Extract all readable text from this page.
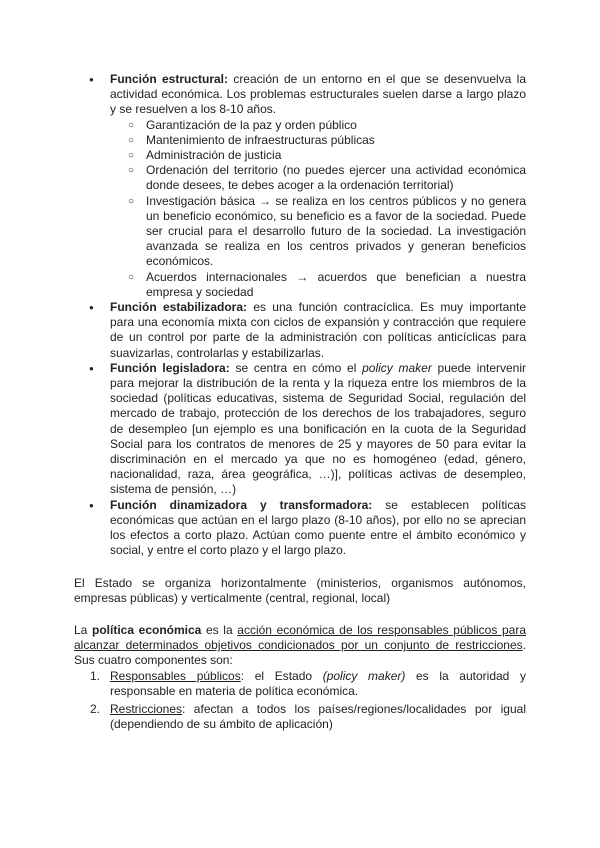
● Función estructural: creación de un entorno en el que se desenvuelva la actividad económica. Los problemas estructurales suelen darse a largo plazo y se resuelven a los 8-10 años.
○ Garantización de la paz y orden público
○ Mantenimiento de infraestructuras públicas
○ Administración de justicia
○ Ordenación del territorio (no puedes ejercer una actividad económica donde desees, te debes acoger a la ordenación territorial)
○ Investigación básica → se realiza en los centros públicos y no genera un beneficio económico, su beneficio es a favor de la sociedad. Puede ser crucial para el desarrollo futuro de la sociedad. La investigación avanzada se realiza en los centros privados y generan beneficios económicos.
○ Acuerdos internacionales → acuerdos que benefician a nuestra empresa y sociedad
● Función estabilizadora: es una función contracíclica. Es muy importante para una economía mixta con ciclos de expansión y contracción que requiere de un control por parte de la administración con políticas anticíclicas para suavizarlas, controlarlas y estabilizarlas.
● Función legisladora: se centra en cómo el policy maker puede intervenir para mejorar la distribución de la renta y la riqueza entre los miembros de la sociedad (políticas educativas, sistema de Seguridad Social, regulación del mercado de trabajo, protección de los derechos de los trabajadores, seguro de desempleo [un ejemplo es una bonificación en la cuota de la Seguridad Social para los contratos de menores de 25 y mayores de 50 para evitar la discriminación en el mercado ya que no es homogéneo (edad, género, nacionalidad, raza, área geográfica, …)], políticas activas de desempleo, sistema de pensión, …)
● Función dinamizadora y transformadora: se establecen políticas económicas que actúan en el largo plazo (8-10 años), por ello no se aprecian los efectos a corto plazo. Actúan como puente entre el ámbito económico y social, y entre el corto plazo y el largo plazo.

El Estado se organiza horizontalmente (ministerios, organismos autónomos, empresas públicas) y verticalmente (central, regional, local)

La política económica es la acción económica de los responsables públicos para alcanzar determinados objetivos condicionados por un conjunto de restricciones. Sus cuatro componentes son:

1. Responsables públicos: el Estado (policy maker) es la autoridad y responsable en materia de política económica.
2. Restricciones: afectan a todos los países/regiones/localidades por igual (dependiendo de su ámbito de aplicación)
